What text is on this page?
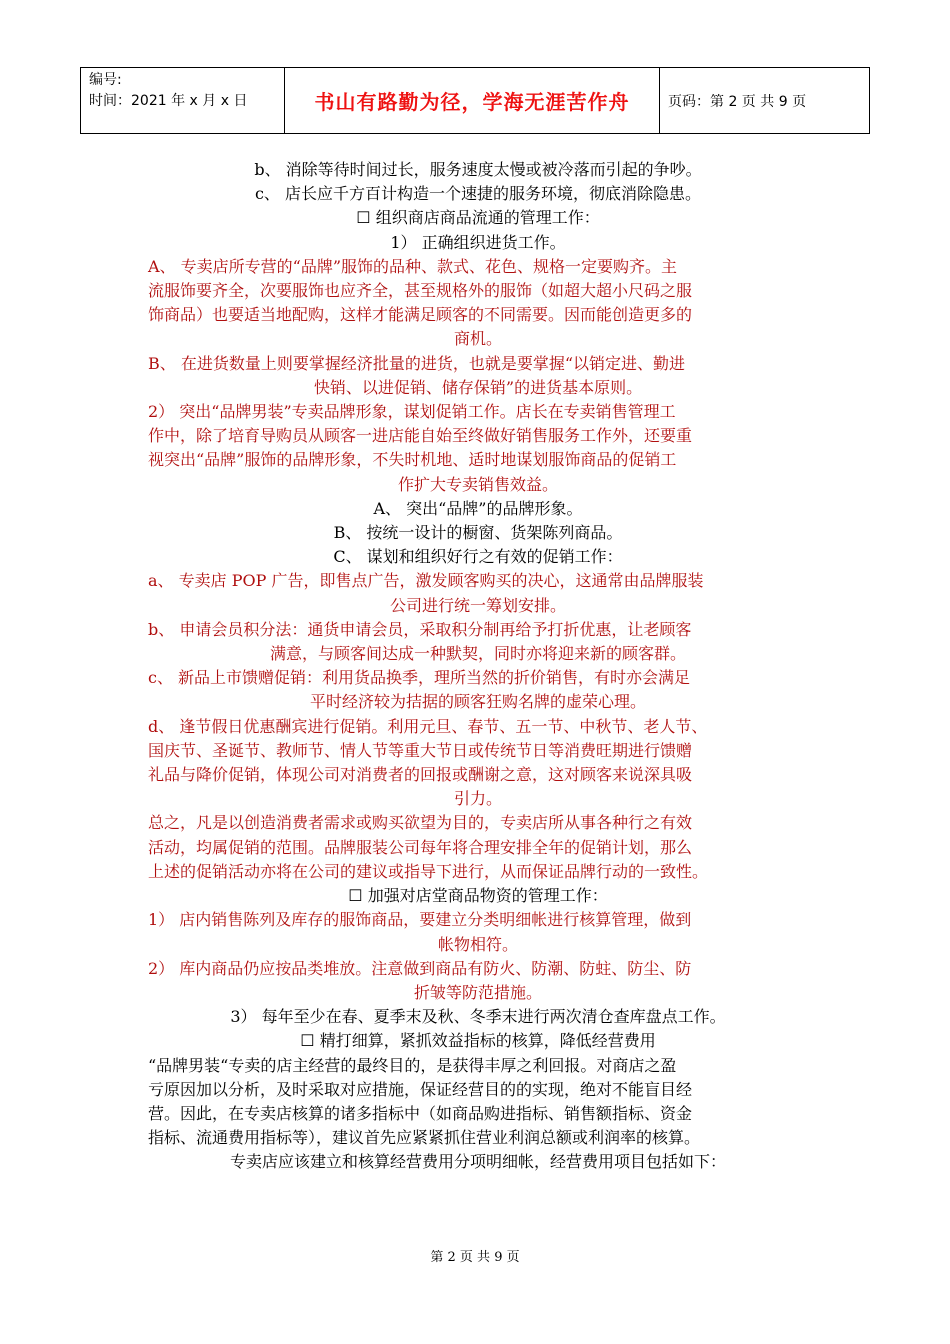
编号:
时间：2021 年 x 月 x 日	书山有路勤为径，学海无涯苦作舟	页码：第 2 页 共 9 页
b、 消除等待时间过长，服务速度太慢或被冷落而引起的争吵。
c、 店长应千方百计构造一个速捷的服务环境，彻底消除隐患。
☐ 组织商店商品流通的管理工作：
1） 正确组织进货工作。
A、 专卖店所专营的“品牌”服饰的品种、款式、花色、规格一定要购齐。主
流服饰要齐全，次要服饰也应齐全，甚至规格外的服饰（如超大超小尺码之服
饰商品）也要适当地配购，这样才能满足顾客的不同需要。因而能创造更多的
商机。
B、 在进货数量上则要掌握经济批量的进货，也就是要掌握“以销定进、勤进
快销、以进促销、储存保销”的进货基本原则。
2） 突出“品牌男装”专卖品牌形象，谋划促销工作。店长在专卖销售管理工
作中，除了培育导购员从顾客一进店能自始至终做好销售服务工作外，还要重
视突出“品牌”服饰的品牌形象，不失时机地、适时地谋划服饰商品的促销工
作扩大专卖销售效益。
A、 突出“品牌”的品牌形象。
B、 按统一设计的橱窗、货架陈列商品。
C、 谋划和组织好行之有效的促销工作：
a、 专卖店 POP 广告，即售点广告，激发顾客购买的决心，这通常由品牌服装
公司进行统一筹划安排。
b、 申请会员积分法：通货申请会员，采取积分制再给予打折优惠，让老顾客
满意，与顾客间达成一种默契，同时亦将迎来新的顾客群。
c、 新品上市馈赠促销：利用货品换季，理所当然的折价销售，有时亦会满足
平时经济较为拮据的顾客狂购名牌的虚荣心理。
d、 逢节假日优惠酬宾进行促销。利用元旦、春节、五一节、中秋节、老人节、
国庆节、圣诞节、教师节、情人节等重大节日或传统节日等消费旺期进行馈赠
礼品与降价促销，体现公司对消费者的回报或酬谢之意，这对顾客来说深具吸
引力。
总之，凡是以创造消费者需求或购买欲望为目的，专卖店所从事各种行之有效
活动，均属促销的范围。品牌服装公司每年将合理安排全年的促销计划，那么
上述的促销活动亦将在公司的建议或指导下进行，从而保证品牌行动的一致性。
☐ 加强对店堂商品物资的管理工作：
1） 店内销售陈列及库存的服饰商品，要建立分类明细帐进行核算管理，做到
帐物相符。
2） 库内商品仍应按品类堆放。注意做到商品有防火、防潮、防蛀、防尘、防
折皱等防范措施。
3） 每年至少在春、夏季末及秋、冬季末进行两次清仓查库盘点工作。
☐ 精打细算，紧抓效益指标的核算，降低经营费用
“品牌男装“专卖的店主经营的最终目的，是获得丰厚之利回报。对商店之盈
亏原因加以分析，及时采取对应措施，保证经营目的的实现，绝对不能盲目经
营。因此，在专卖店核算的诸多指标中（如商品购进指标、销售额指标、资金
指标、流通费用指标等），建议首先应紧紧抓住营业利润总额或利润率的核算。
专卖店应该建立和核算经营费用分项明细帐，经营费用项目包括如下：
第 2 页 共 9 页
